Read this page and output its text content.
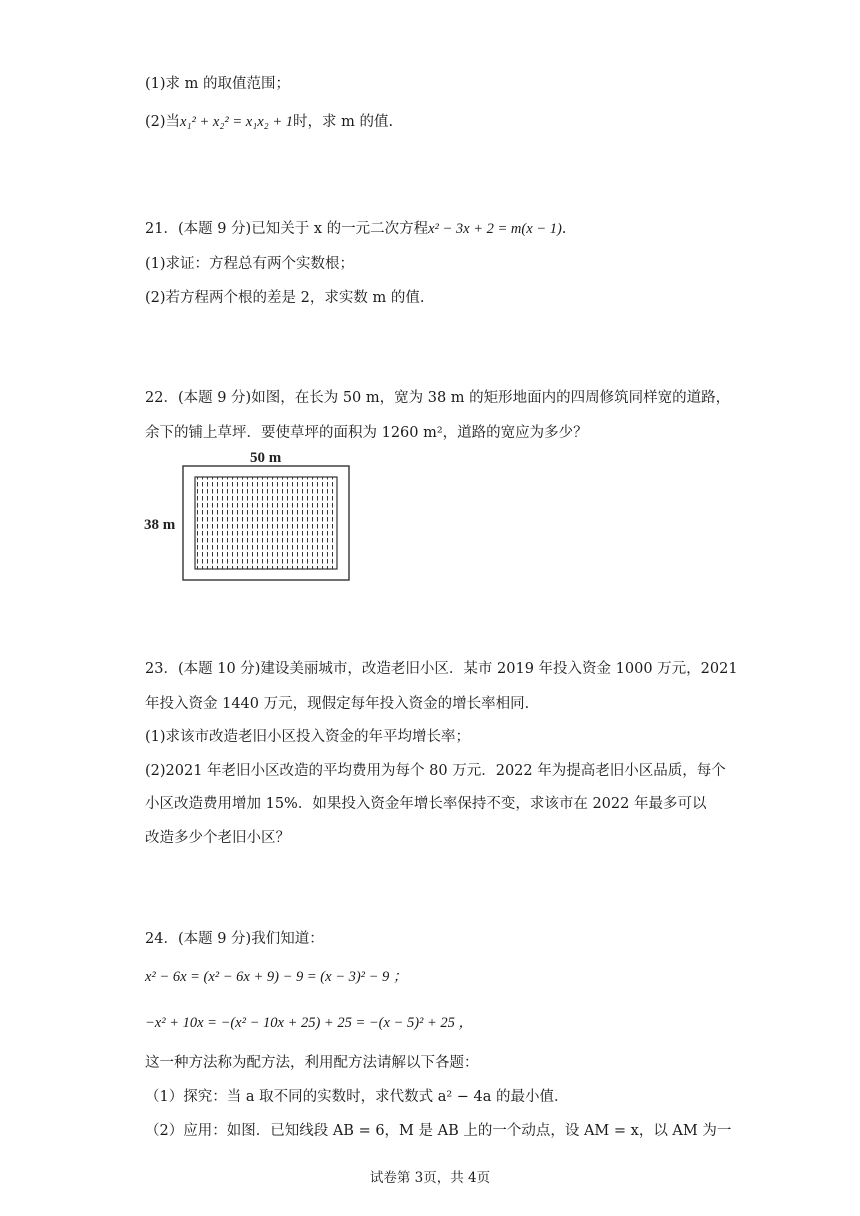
(1)求 m 的取值范围；
(2)当x₁² + x₂² = x₁x₂ + 1时，求 m 的值.
21．(本题 9 分)已知关于 x 的一元二次方程x² − 3x + 2 = m(x − 1).
(1)求证：方程总有两个实数根；
(2)若方程两个根的差是 2，求实数 m 的值.
22．(本题 9 分)如图，在长为 50 m，宽为 38 m 的矩形地面内的四周修筑同样宽的道路，
余下的铺上草坪．要使草坪的面积为 1260 m²，道路的宽应为多少？
50 m
38 m
23．(本题 10 分)建设美丽城市，改造老旧小区．某市 2019 年投入资金 1000 万元，2021
年投入资金 1440 万元，现假定每年投入资金的增长率相同．
(1)求该市改造老旧小区投入资金的年平均增长率；
(2)2021 年老旧小区改造的平均费用为每个 80 万元．2022 年为提高老旧小区品质，每个
小区改造费用增加 15%．如果投入资金年增长率保持不变，求该市在 2022 年最多可以
改造多少个老旧小区？
24．(本题 9 分)我们知道：
x² − 6x = (x² − 6x + 9) − 9 = (x − 3)² − 9 ；
−x² + 10x = −(x² − 10x + 25) + 25 = −(x − 5)² + 25 ，
这一种方法称为配方法，利用配方法请解以下各题：
（1）探究：当 a 取不同的实数时，求代数式 a² − 4a 的最小值．
（2）应用：如图．已知线段 AB = 6，M 是 AB 上的一个动点，设 AM = x，以 AM 为一
试卷第 3页，共 4页
